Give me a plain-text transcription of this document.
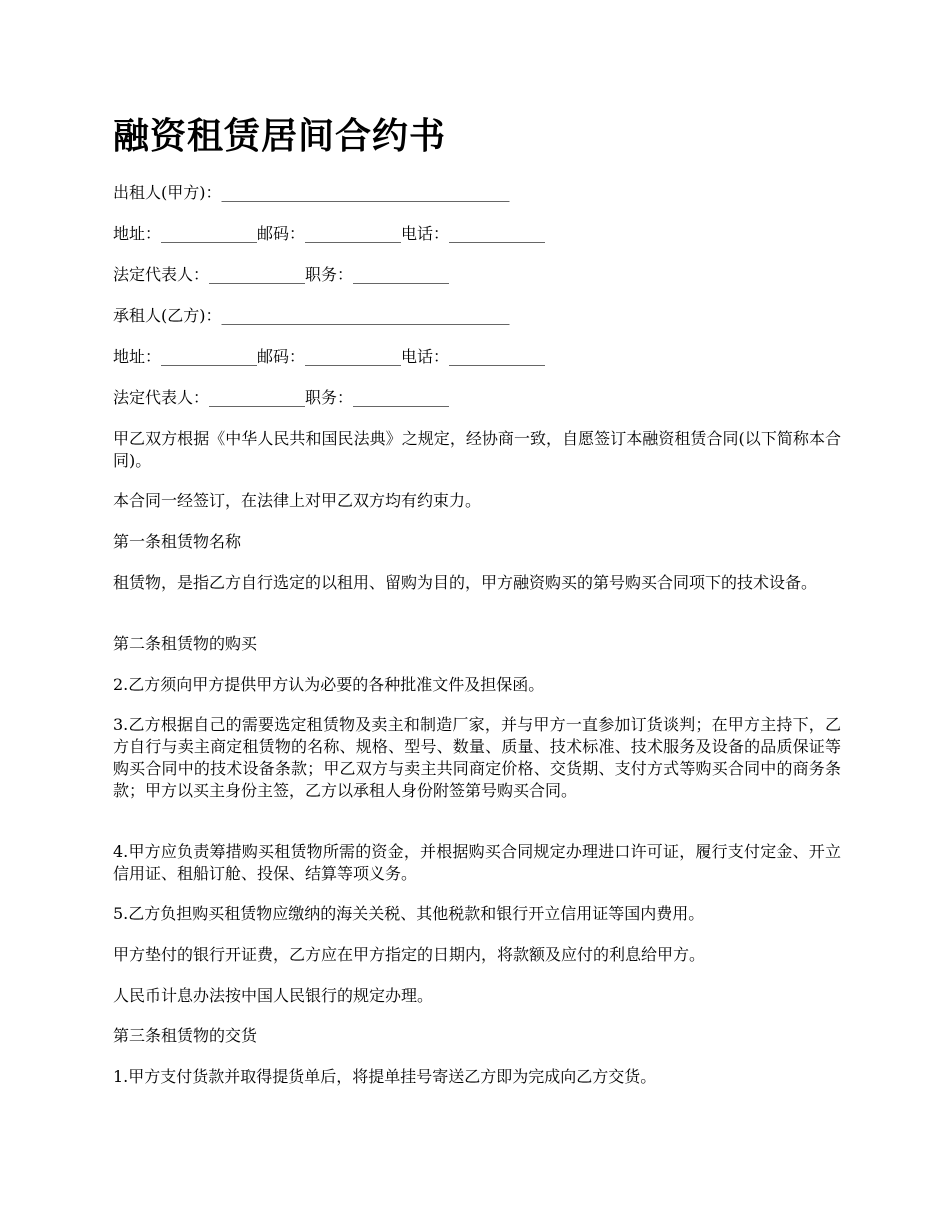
融资租赁居间合约书

出租人(甲方)：____________________________________

地址：____________邮码：____________电话：____________

法定代表人：____________职务：____________

承租人(乙方)：____________________________________

地址：____________邮码：____________电话：____________

法定代表人：____________职务：____________

甲乙双方根据《中华人民共和国民法典》之规定，经协商一致，自愿签订本融资租赁合同(以下简称本合同)。

本合同一经签订，在法律上对甲乙双方均有约束力。

第一条租赁物名称

租赁物，是指乙方自行选定的以租用、留购为目的，甲方融资购买的第号购买合同项下的技术设备。

第二条租赁物的购买

2.乙方须向甲方提供甲方认为必要的各种批准文件及担保函。

3.乙方根据自己的需要选定租赁物及卖主和制造厂家，并与甲方一直参加订货谈判；在甲方主持下，乙方自行与卖主商定租赁物的名称、规格、型号、数量、质量、技术标准、技术服务及设备的品质保证等购买合同中的技术设备条款；甲乙双方与卖主共同商定价格、交货期、支付方式等购买合同中的商务条款；甲方以买主身份主签，乙方以承租人身份附签第号购买合同。

4.甲方应负责筹措购买租赁物所需的资金，并根据购买合同规定办理进口许可证，履行支付定金、开立信用证、租船订舱、投保、结算等项义务。

5.乙方负担购买租赁物应缴纳的海关关税、其他税款和银行开立信用证等国内费用。

甲方垫付的银行开证费，乙方应在甲方指定的日期内，将款额及应付的利息给甲方。

人民币计息办法按中国人民银行的规定办理。

第三条租赁物的交货

1.甲方支付货款并取得提货单后，将提单挂号寄送乙方即为完成向乙方交货。
